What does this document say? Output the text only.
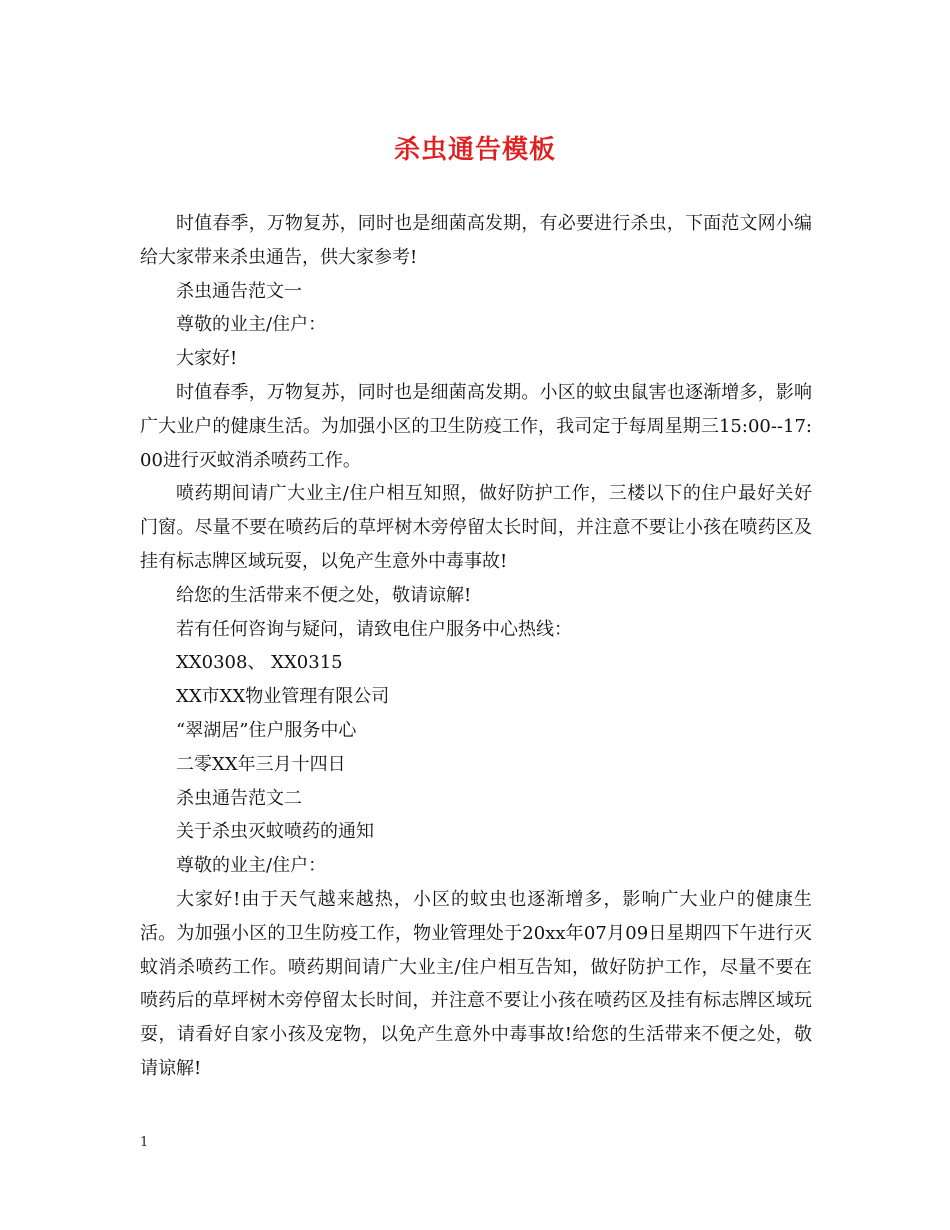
杀虫通告模板

时值春季，万物复苏，同时也是细菌高发期，有必要进行杀虫，下面范文网小编给大家带来杀虫通告，供大家参考!

杀虫通告范文一

尊敬的业主/住户：

大家好!

时值春季，万物复苏，同时也是细菌高发期。小区的蚊虫鼠害也逐渐增多，影响广大业户的健康生活。为加强小区的卫生防疫工作，我司定于每周星期三15:00--17:00进行灭蚊消杀喷药工作。

喷药期间请广大业主/住户相互知照，做好防护工作，三楼以下的住户最好关好门窗。尽量不要在喷药后的草坪树木旁停留太长时间，并注意不要让小孩在喷药区及挂有标志牌区域玩耍，以免产生意外中毒事故!

给您的生活带来不便之处，敬请谅解!

若有任何咨询与疑问，请致电住户服务中心热线：

XX0308、 XX0315

XX市XX物业管理有限公司

“翠湖居”住户服务中心

二零XX年三月十四日

杀虫通告范文二

关于杀虫灭蚊喷药的通知

尊敬的业主/住户：

大家好!由于天气越来越热，小区的蚊虫也逐渐增多，影响广大业户的健康生活。为加强小区的卫生防疫工作，物业管理处于20xx年07月09日星期四下午进行灭蚊消杀喷药工作。喷药期间请广大业主/住户相互告知，做好防护工作，尽量不要在喷药后的草坪树木旁停留太长时间，并注意不要让小孩在喷药区及挂有标志牌区域玩耍，请看好自家小孩及宠物，以免产生意外中毒事故!给您的生活带来不便之处，敬请谅解!

1
